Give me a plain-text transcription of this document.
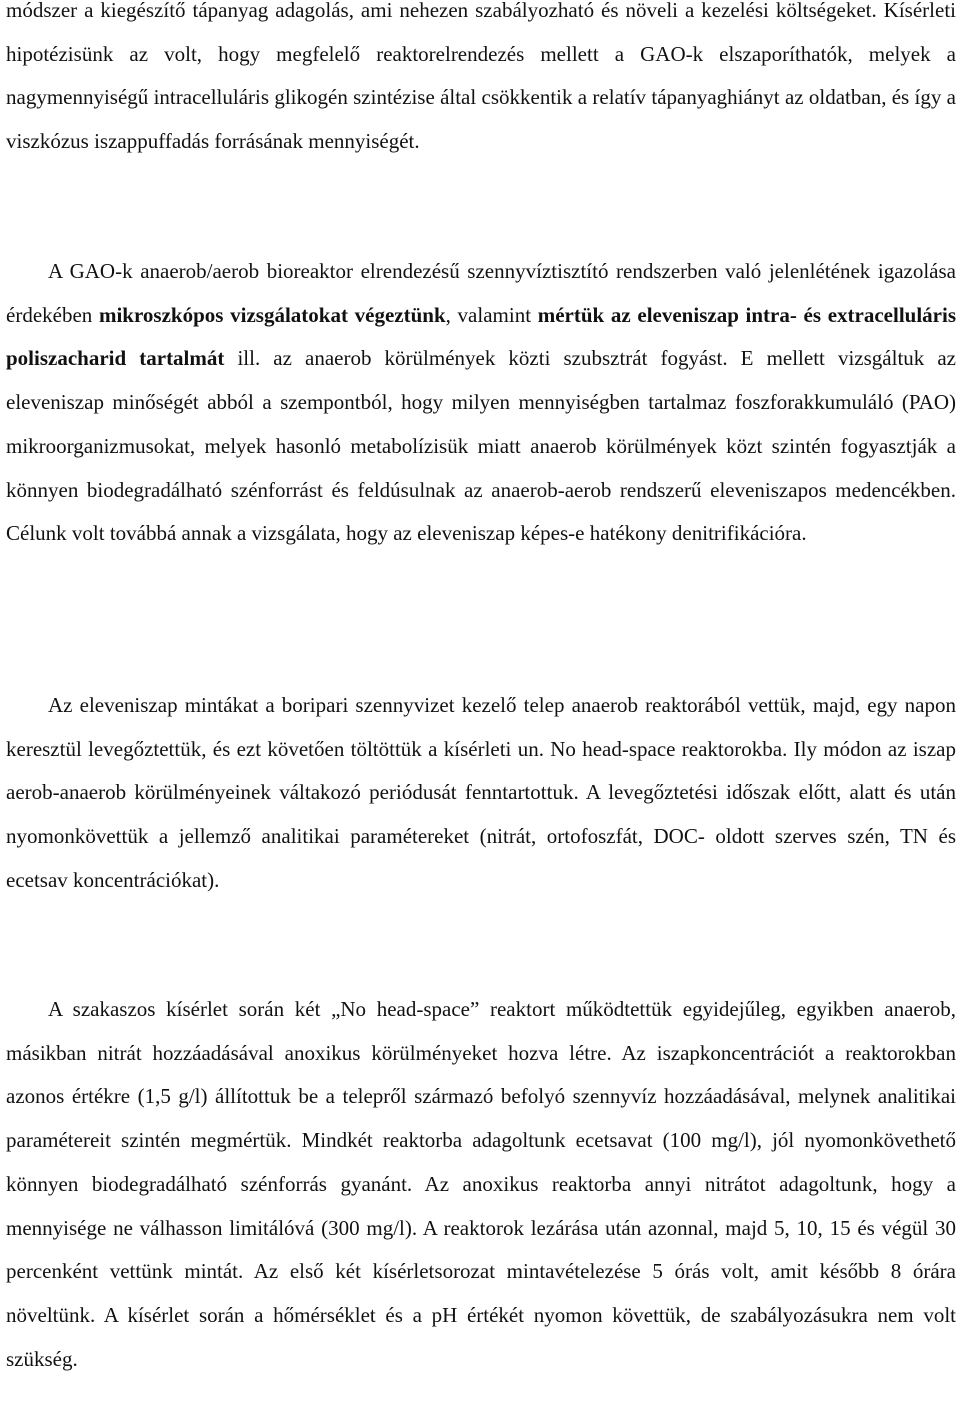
módszer a kiegészítő tápanyag adagolás, ami nehezen szabályozható és növeli a kezelési költségeket. Kísérleti hipotézisünk az volt, hogy megfelelő reaktorelrendezés mellett a GAO-k elszaporíthatók, melyek a nagymennyiségű intracelluláris glikogén szintézise által csökkentik a relatív tápanyaghiányt az oldatban, és így a viszkózus iszappuffadás forrásának mennyiségét.

A GAO-k anaerob/aerob bioreaktor elrendezésű szennyvíztisztító rendszerben való jelenlétének igazolása érdekében mikroszkópos vizsgálatokat végeztünk, valamint mértük az eleveniszap intra- és extracelluláris poliszacharid tartalmát ill. az anaerob körülmények közti szubsztrát fogyást. E mellett vizsgáltuk az eleveniszap minőségét abból a szempontból, hogy milyen mennyiségben tartalmaz foszforakkumuláló (PAO) mikroorganizmusokat, melyek hasonló metabolízisük miatt anaerob körülmények közt szintén fogyasztják a könnyen biodegradálható szénforrást és feldúsulnak az anaerob-aerob rendszerű eleveniszapos medencékben. Célunk volt továbbá annak a vizsgálata, hogy az eleveniszap képes-e hatékony denitrifikációra.

Az eleveniszap mintákat a boripari szennyvizet kezelő telep anaerob reaktorából vettük, majd, egy napon keresztül levegőztettük, és ezt követően töltöttük a kísérleti un. No head-space reaktorokba. Ily módon az iszap aerob-anaerob körülményeinek váltakozó periódusát fenntartottuk. A levegőztetési időszak előtt, alatt és után nyomonkövettük a jellemző analitikai paramétereket (nitrát, ortofoszfát, DOC- oldott szerves szén, TN és ecetsav koncentrációkat).

A szakaszos kísérlet során két „No head-space” reaktort működtettük egyidejűleg, egyikben anaerob, másikban nitrát hozzáadásával anoxikus körülményeket hozva létre. Az iszapkoncentrációt a reaktorokban azonos értékre (1,5 g/l) állítottuk be a telepről származó befolyó szennyvíz hozzáadásával, melynek analitikai paramétereit szintén megmértük. Mindkét reaktorba adagoltunk ecetsavat (100 mg/l), jól nyomonkövethető könnyen biodegradálható szénforrás gyanánt. Az anoxikus reaktorba annyi nitrátot adagoltunk, hogy a mennyisége ne válhasson limitálóvá (300 mg/l). A reaktorok lezárása után azonnal, majd 5, 10, 15 és végül 30 percenként vettünk mintát. Az első két kísérletsorozat mintavételezése 5 órás volt, amit később 8 órára növeltünk. A kísérlet során a hőmérséklet és a pH értékét nyomon követtük, de szabályozásukra nem volt szükség.
